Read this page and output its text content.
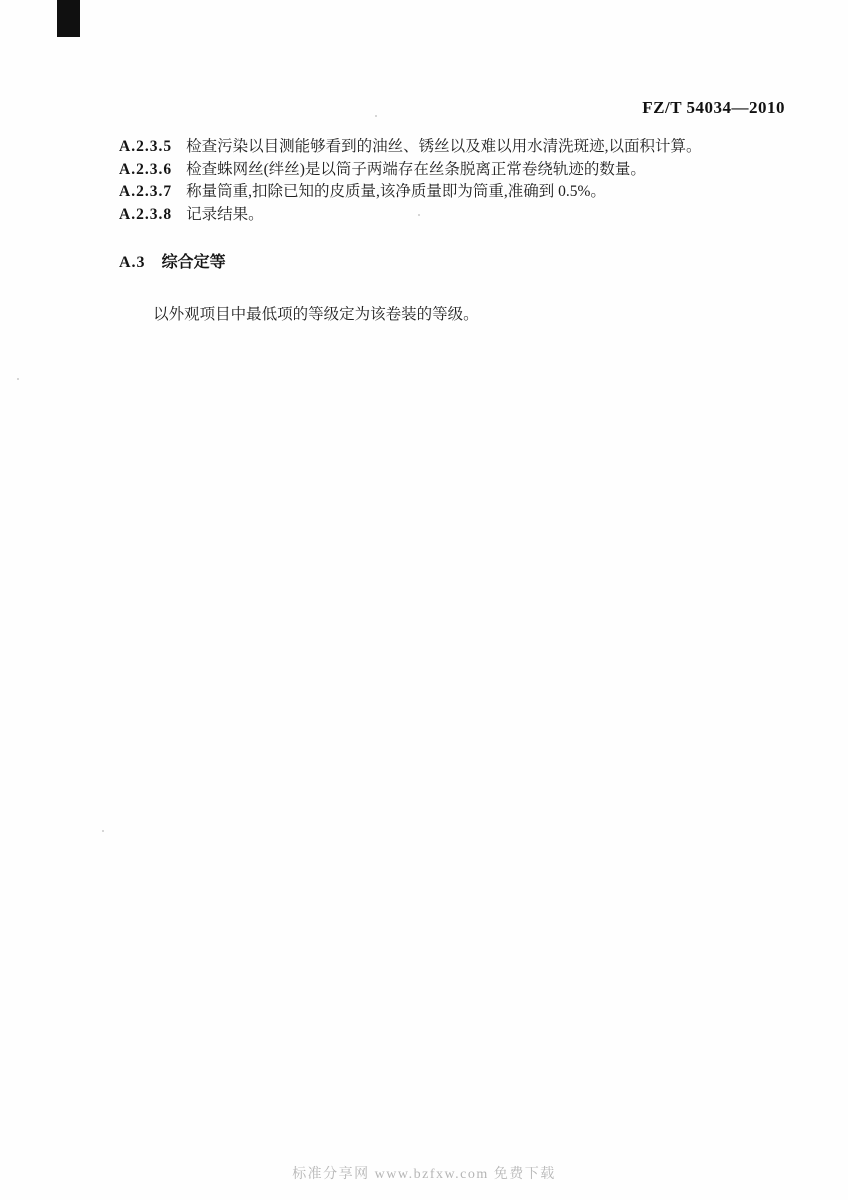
FZ/T 54034—2010
A.2.3.5 检查污染以目测能够看到的油丝、锈丝以及难以用水清洗斑迹,以面积计算。
A.2.3.6 检查蛛网丝(绊丝)是以筒子两端存在丝条脱离正常卷绕轨迹的数量。
A.2.3.7 称量筒重,扣除已知的皮质量,该净质量即为筒重,准确到 0.5%。
A.2.3.8 记录结果。
A.3 综合定等
以外观项目中最低项的等级定为该卷装的等级。
标准分享网 www.bzfxw.com 免费下载
